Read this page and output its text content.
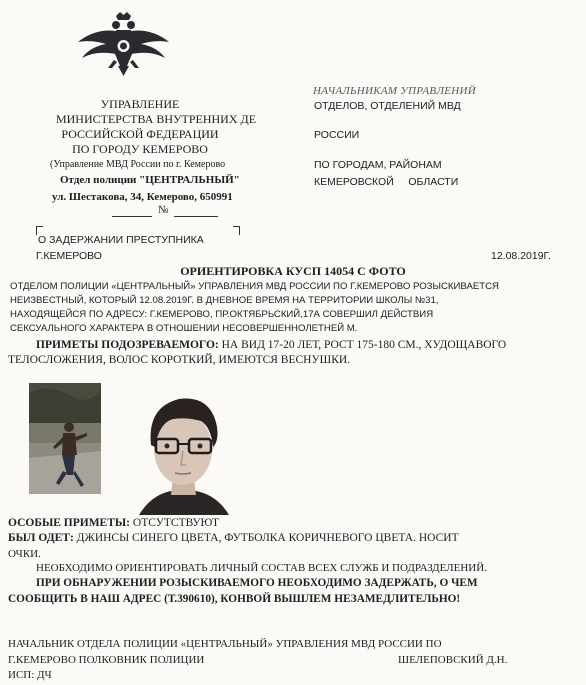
УПРАВЛЕНИЕ
МИНИСТЕРСТВА ВНУТРЕННИХ ДЕ
РОССИЙСКОЙ ФЕДЕРАЦИИ
ПО ГОРОДУ КЕМЕРОВО
(Управление МВД России по г. Кемерово
Отдел полиции "ЦЕНТРАЛЬНЫЙ"
ул. Шестакова, 34, Кемерово, 650991
№
НАЧАЛЬНИКАМ УПРАВЛЕНИЙ
ОТДЕЛОВ, ОТДЕЛЕНИЙ МВД
РОССИИ
ПО ГОРОДАМ, РАЙОНАМ
КЕМЕРОВСКОЙ     ОБЛАСТИ
О ЗАДЕРЖАНИИ ПРЕСТУПНИКА
Г.КЕМЕРОВО	12.08.2019Г.
ОРИЕНТИРОВКА КУСП 14054 С ФОТО
ОТДЕЛОМ ПОЛИЦИИ «ЦЕНТРАЛЬНЫЙ» УПРАВЛЕНИЯ МВД РОССИИ ПО Г.КЕМЕРОВО РОЗЫСКИВАЕТСЯ
НЕИЗВЕСТНЫЙ, КОТОРЫЙ 12.08.2019Г. В ДНЕВНОЕ ВРЕМЯ НА ТЕРРИТОРИИ ШКОЛЫ №31,
НАХОДЯЩЕЙСЯ ПО АДРЕСУ: Г.КЕМЕРОВО, ПР.ОКТЯБРЬСКИЙ,17А СОВЕРШИЛ ДЕЙСТВИЯ
СЕКСУАЛЬНОГО ХАРАКТЕРА В ОТНОШЕНИИ НЕСОВЕРШЕННОЛЕТНЕЙ М.
ПРИМЕТЫ ПОДОЗРЕВАЕМОГО: НА ВИД 17-20 ЛЕТ, РОСТ 175-180 СМ., ХУДОЩАВОГО
ТЕЛОСЛОЖЕНИЯ, ВОЛОС КОРОТКИЙ, ИМЕЮТСЯ ВЕСНУШКИ.
ОСОБЫЕ ПРИМЕТЫ: ОТСУТСТВУЮТ
БЫЛ ОДЕТ: ДЖИНСЫ СИНЕГО ЦВЕТА, ФУТБОЛКА КОРИЧНЕВОГО ЦВЕТА. НОСИТ
ОЧКИ.
НЕОБХОДИМО ОРИЕНТИРОВАТЬ ЛИЧНЫЙ СОСТАВ ВСЕХ СЛУЖБ И ПОДРАЗДЕЛЕНИЙ.
ПРИ ОБНАРУЖЕНИИ РОЗЫСКИВАЕМОГО НЕОБХОДИМО ЗАДЕРЖАТЬ, О ЧЕМ
СООБЩИТЬ В НАШ АДРЕС (Т.390610), КОНВОЙ ВЫШЛЕМ НЕЗАМЕДЛИТЕЛЬНО!
НАЧАЛЬНИК ОТДЕЛА ПОЛИЦИИ «ЦЕНТРАЛЬНЫЙ» УПРАВЛЕНИЯ МВД РОССИИ ПО
Г.КЕМЕРОВО ПОЛКОВНИК ПОЛИЦИИ	ШЕЛЕПОВСКИЙ Д.Н.
ИСП: ДЧ
